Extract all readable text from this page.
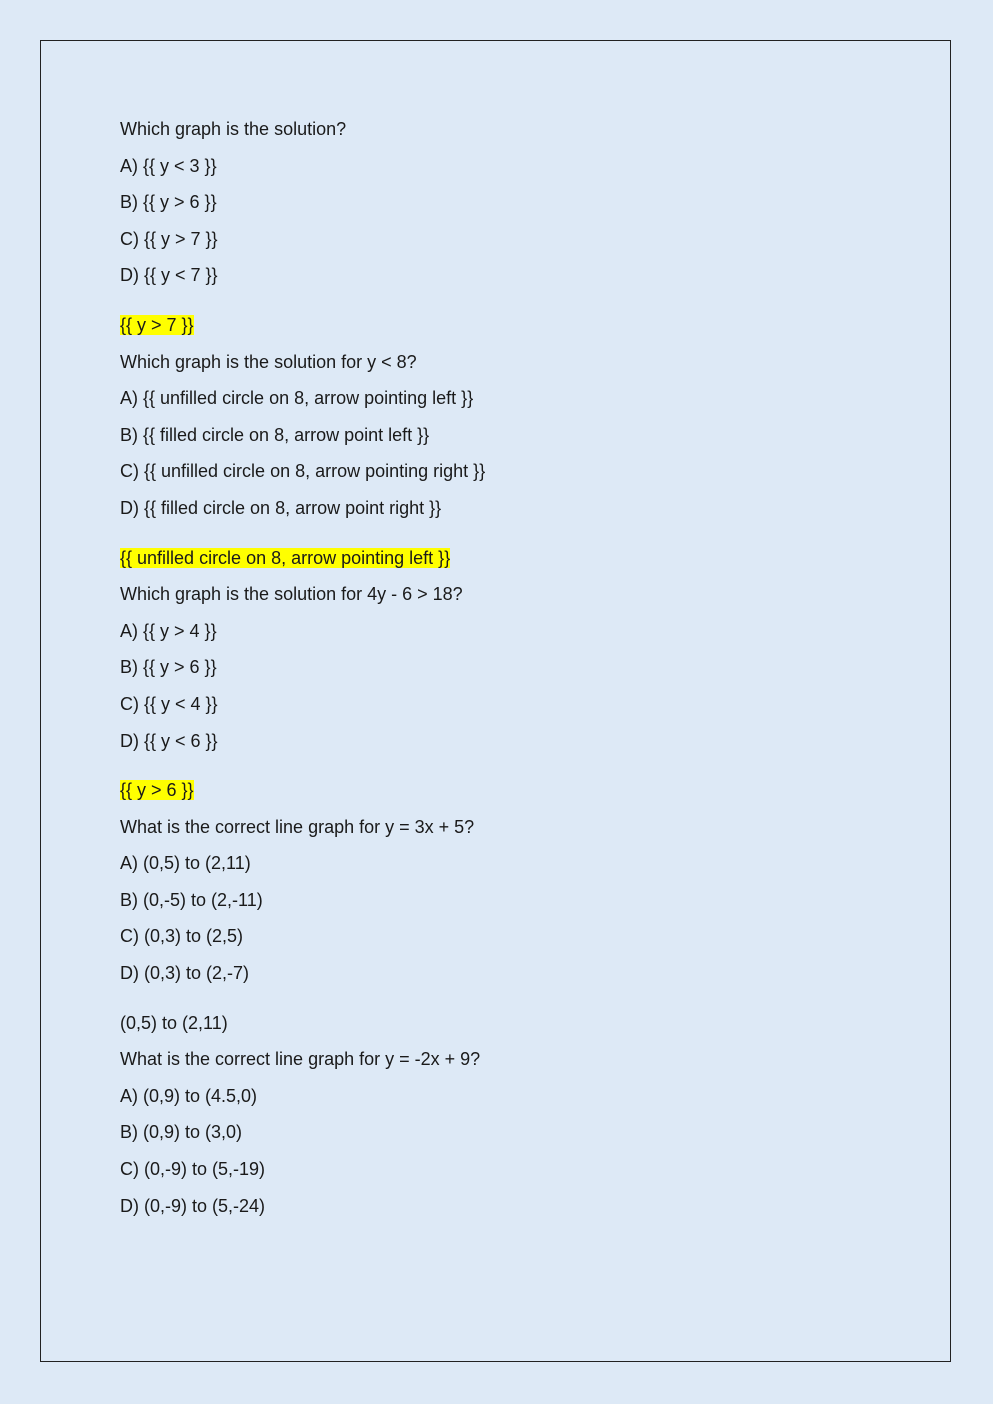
Which graph is the solution?
A) {{ y < 3 }}
B) {{ y > 6 }}
C) {{ y > 7 }}
D) {{ y < 7 }}
{{ y > 7 }}
Which graph is the solution for y < 8?
A) {{ unfilled circle on 8, arrow pointing left }}
B) {{ filled circle on 8, arrow point left }}
C) {{ unfilled circle on 8, arrow pointing right }}
D) {{ filled circle on 8, arrow point right }}
{{ unfilled circle on 8, arrow pointing left }}
Which graph is the solution for 4y - 6 > 18?
A) {{ y > 4 }}
B) {{ y > 6 }}
C) {{ y < 4 }}
D) {{ y < 6 }}
{{ y > 6 }}
What is the correct line graph for y = 3x + 5?
A) (0,5) to (2,11)
B) (0,-5) to (2,-11)
C) (0,3) to (2,5)
D) (0,3) to (2,-7)
(0,5) to (2,11)
What is the correct line graph for y = -2x + 9?
A) (0,9) to (4.5,0)
B) (0,9) to (3,0)
C) (0,-9) to (5,-19)
D) (0,-9) to (5,-24)
